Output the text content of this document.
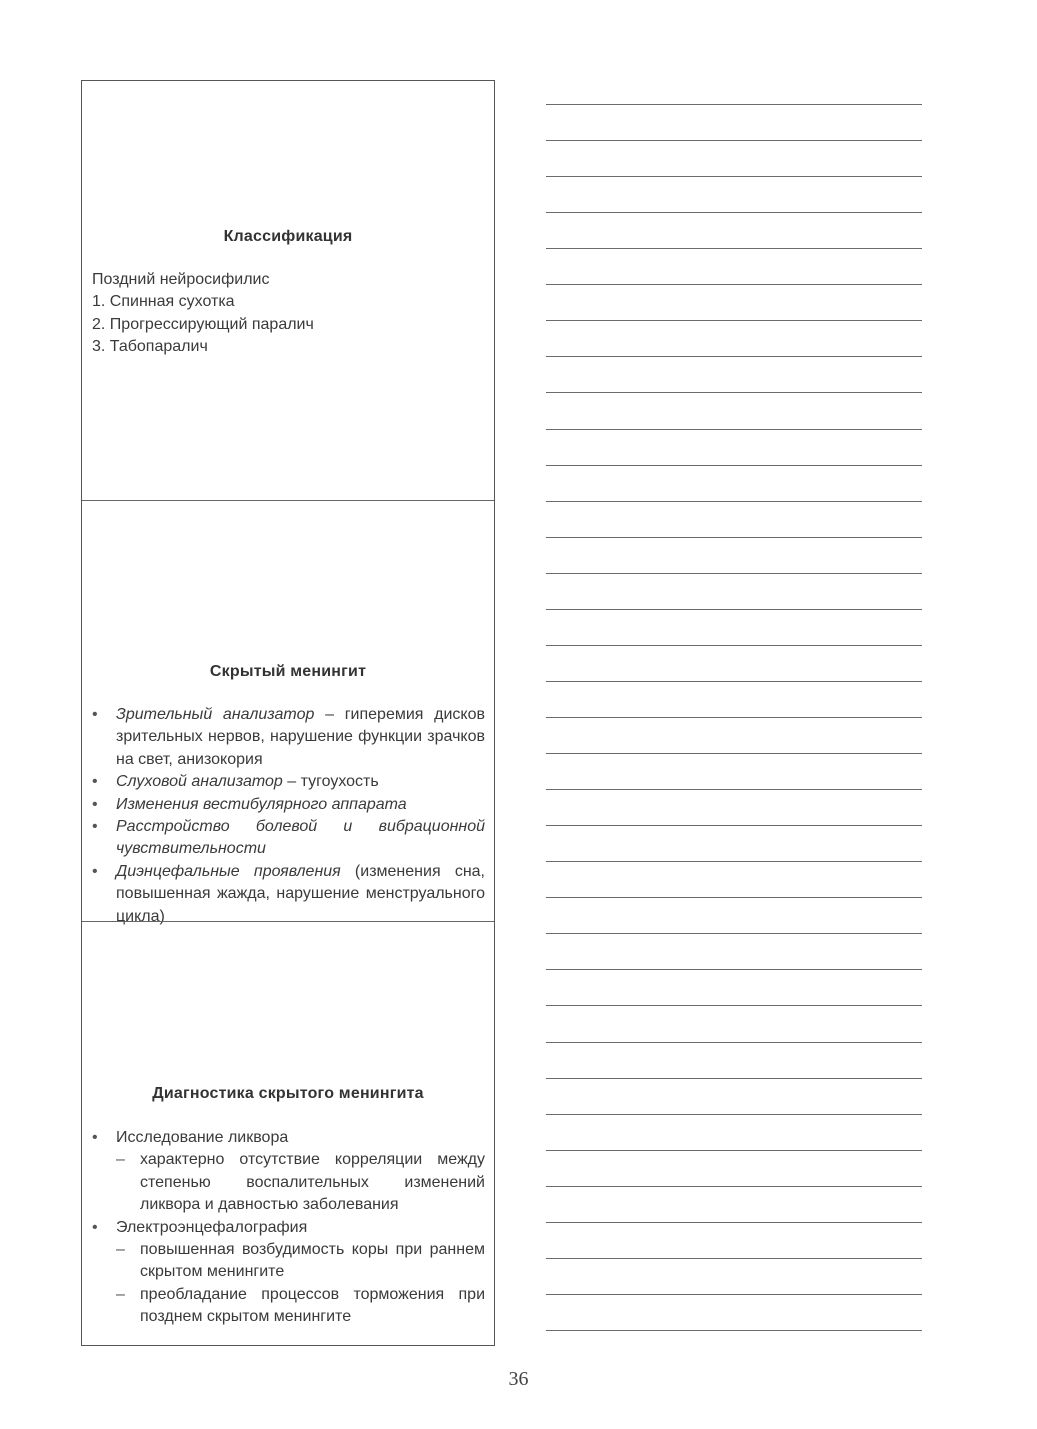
Классификация

Поздний нейросифилис
1. Спинная сухотка
2. Прогрессирующий паралич
3. Табопаралич

Скрытый менингит

• Зрительный анализатор – гиперемия дисков зрительных нервов, нарушение функции зрачков на свет, анизокория
• Слуховой анализатор – тугоухость
• Изменения вестибулярного аппарата
• Расстройство болевой и вибрационной чувствительности
• Диэнцефальные проявления (изменения сна, повышенная жажда, нарушение менструального цикла)

Диагностика скрытого менингита

• Исследование ликвора
– характерно отсутствие корреляции между степенью воспалительных изменений ликвора и давностью заболевания
• Электроэнцефалография
– повышенная возбудимость коры при раннем скрытом менингите
– преобладание процессов торможения при позднем скрытом менингите
36
